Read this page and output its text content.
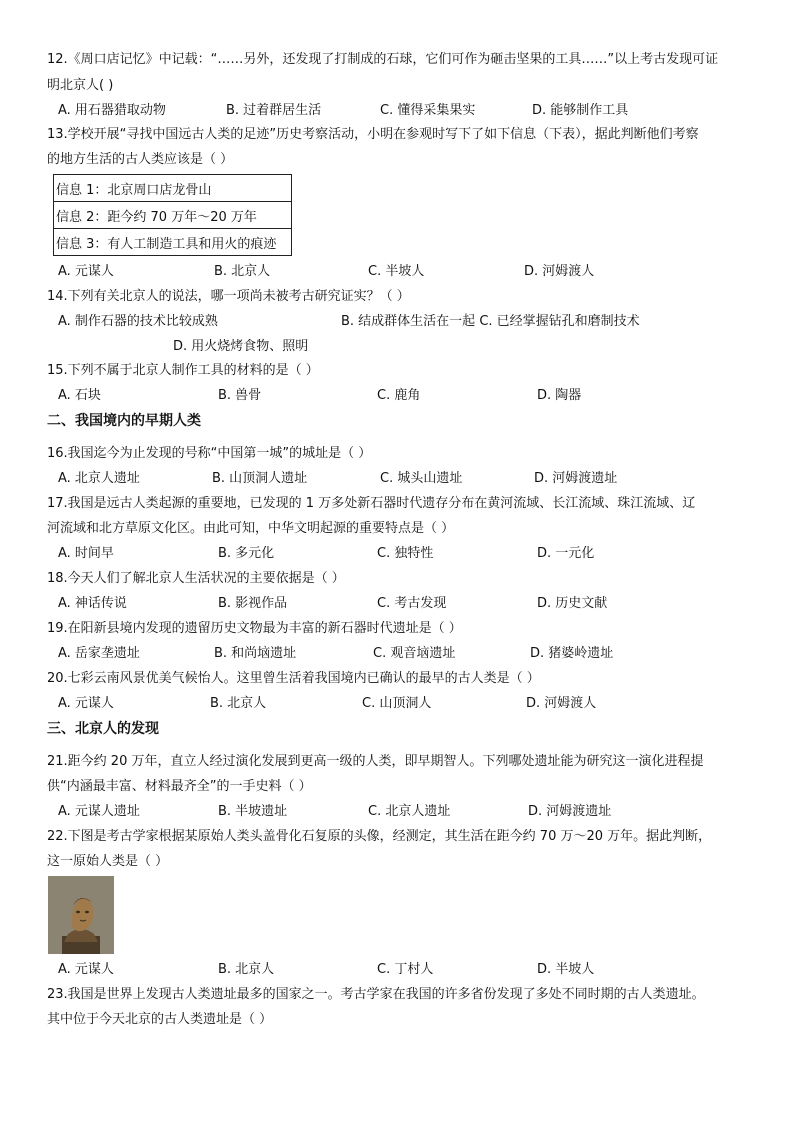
12.《周口店记忆》中记载：“……另外，还发现了打制成的石球，它们可作为砸击坚果的工具……”以上考古发现可证
明北京人( )
A. 用石器猎取动物	B. 过着群居生活	C. 懂得采集果实	D. 能够制作工具
13.学校开展“寻找中国远古人类的足迹”历史考察活动，小明在参观时写下了如下信息（下表），据此判断他们考察
的地方生活的古人类应该是（ ）
信息 1：北京周口店龙骨山
信息 2：距今约 70 万年～20 万年
信息 3：有人工制造工具和用火的痕迹
A. 元谋人	B. 北京人	C. 半坡人	D. 河姆渡人
14.下列有关北京人的说法，哪一项尚未被考古研究证实？（ ）
A. 制作石器的技术比较成熟	B. 结成群体生活在一起 C. 已经掌握钻孔和磨制技术
D. 用火烧烤食物、照明
15.下列不属于北京人制作工具的材料的是（ ）
A. 石块	B. 兽骨	C. 鹿角	D. 陶器
二、我国境内的早期人类
16.我国迄今为止发现的号称“中国第一城”的城址是（ ）
A. 北京人遗址	B. 山顶洞人遗址	C. 城头山遗址	D. 河姆渡遗址
17.我国是远古人类起源的重要地，已发现的 1 万多处新石器时代遗存分布在黄河流域、长江流域、珠江流域、辽
河流域和北方草原文化区。由此可知，中华文明起源的重要特点是（ ）
A. 时间早	B. 多元化	C. 独特性	D. 一元化
18.今天人们了解北京人生活状况的主要依据是（ ）
A. 神话传说	B. 影视作品	C. 考古发现	D. 历史文献
19.在阳新县境内发现的遗留历史文物最为丰富的新石器时代遗址是（ ）
A. 岳家垄遗址	B. 和尚垴遗址	C. 观音垴遗址	D. 猪婆岭遗址
20.七彩云南风景优美气候怡人。这里曾生活着我国境内已确认的最早的古人类是（ ）
A. 元谋人	B. 北京人	C. 山顶洞人	D. 河姆渡人
三、北京人的发现
21.距今约 20 万年，直立人经过演化发展到更高一级的人类，即早期智人。下列哪处遗址能为研究这一演化进程提
供“内涵最丰富、材料最齐全”的一手史料（ ）
A. 元谋人遗址	B. 半坡遗址	C. 北京人遗址	D. 河姆渡遗址
22.下图是考古学家根据某原始人类头盖骨化石复原的头像，经测定，其生活在距今约 70 万～20 万年。据此判断，
这一原始人类是（ ）
A. 元谋人	B. 北京人	C. 丁村人	D. 半坡人
23.我国是世界上发现古人类遗址最多的国家之一。考古学家在我国的许多省份发现了多处不同时期的古人类遗址。
其中位于今天北京的古人类遗址是（ ）
